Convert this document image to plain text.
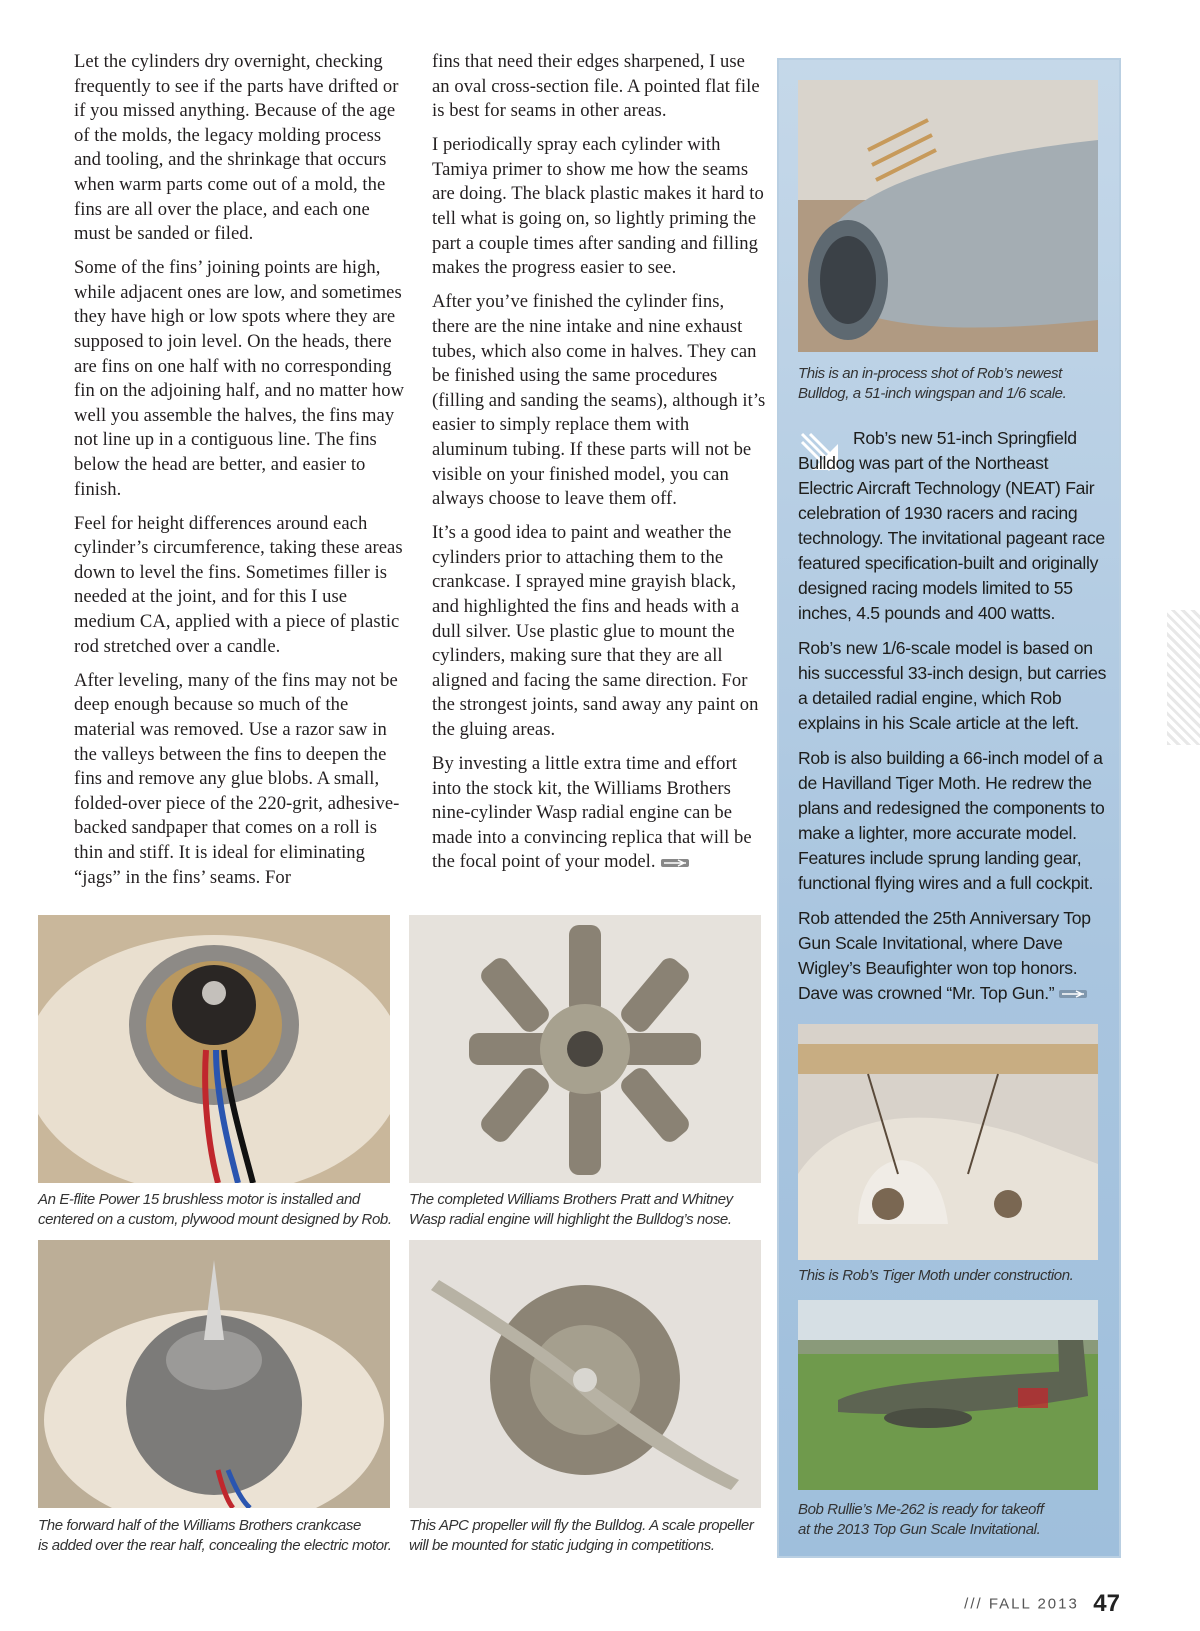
Let the cylinders dry overnight, checking frequently to see if the parts have drifted or if you missed anything. Because of the age of the molds, the legacy molding process and tooling, and the shrinkage that occurs when warm parts come out of a mold, the fins are all over the place, and each one must be sanded or filed.

Some of the fins’ joining points are high, while adjacent ones are low, and sometimes they have high or low spots where they are supposed to join level. On the heads, there are fins on one half with no corresponding fin on the adjoining half, and no matter how well you assemble the halves, the fins may not line up in a contiguous line. The fins below the head are better, and easier to finish.

Feel for height differences around each cylinder’s circumference, taking these areas down to level the fins. Sometimes filler is needed at the joint, and for this I use medium CA, applied with a piece of plastic rod stretched over a candle.

After leveling, many of the fins may not be deep enough because so much of the material was removed. Use a razor saw in the valleys between the fins to deepen the fins and remove any glue blobs. A small, folded-over piece of the 220-grit, adhesive-backed sandpaper that comes on a roll is thin and stiff. It is ideal for eliminating “jags” in the fins’ seams. For

fins that need their edges sharpened, I use an oval cross-section file. A pointed flat file is best for seams in other areas.

I periodically spray each cylinder with Tamiya primer to show me how the seams are doing. The black plastic makes it hard to tell what is going on, so lightly priming the part a couple times after sanding and filling makes the progress easier to see.

After you’ve finished the cylinder fins, there are the nine intake and nine exhaust tubes, which also come in halves. They can be finished using the same procedures (filling and sanding the seams), although it’s easier to simply replace them with aluminum tubing. If these parts will not be visible on your finished model, you can always choose to leave them off.

It’s a good idea to paint and weather the cylinders prior to attaching them to the crankcase. I sprayed mine grayish black, and highlighted the fins and heads with a dull silver. Use plastic glue to mount the cylinders, making sure that they are all aligned and facing the same direction. For the strongest joints, sand away any paint on the gluing areas.

By investing a little extra time and effort into the stock kit, the Williams Brothers nine-cylinder Wasp radial engine can be made into a convincing replica that will be the focal point of your model.

An E-flite Power 15 brushless motor is installed and
centered on a custom, plywood mount designed by Rob.
The completed Williams Brothers Pratt and Whitney
Wasp radial engine will highlight the Bulldog’s nose.
The forward half of the Williams Brothers crankcase
is added over the rear half, concealing the electric motor.
This APC propeller will fly the Bulldog. A scale propeller
will be mounted for static judging in competitions.
This is an in-process shot of Rob’s newest
Bulldog, a 51-inch wingspan and 1/6 scale.

Rob’s new 51-inch Springfield Bulldog was part of the Northeast Electric Aircraft Technology (NEAT) Fair celebration of 1930 racers and racing technology. The invitational pageant race featured specification-built and originally designed racing models limited to 55 inches, 4.5 pounds and 400 watts.

Rob’s new 1/6-scale model is based on his successful 33-inch design, but carries a detailed radial engine, which Rob explains in his Scale article at the left.

Rob is also building a 66-inch model of a de Havilland Tiger Moth. He redrew the plans and redesigned the components to make a lighter, more accurate model. Features include sprung landing gear, functional flying wires and a full cockpit.

Rob attended the 25th Anniversary Top Gun Scale Invitational, where Dave Wigley’s Beaufighter won top honors. Dave was crowned “Mr. Top Gun.”

This is Rob’s Tiger Moth under construction.
Bob Rullie’s Me-262 is ready for takeoff
at the 2013 Top Gun Scale Invitational.
/// FALL 2013 47
